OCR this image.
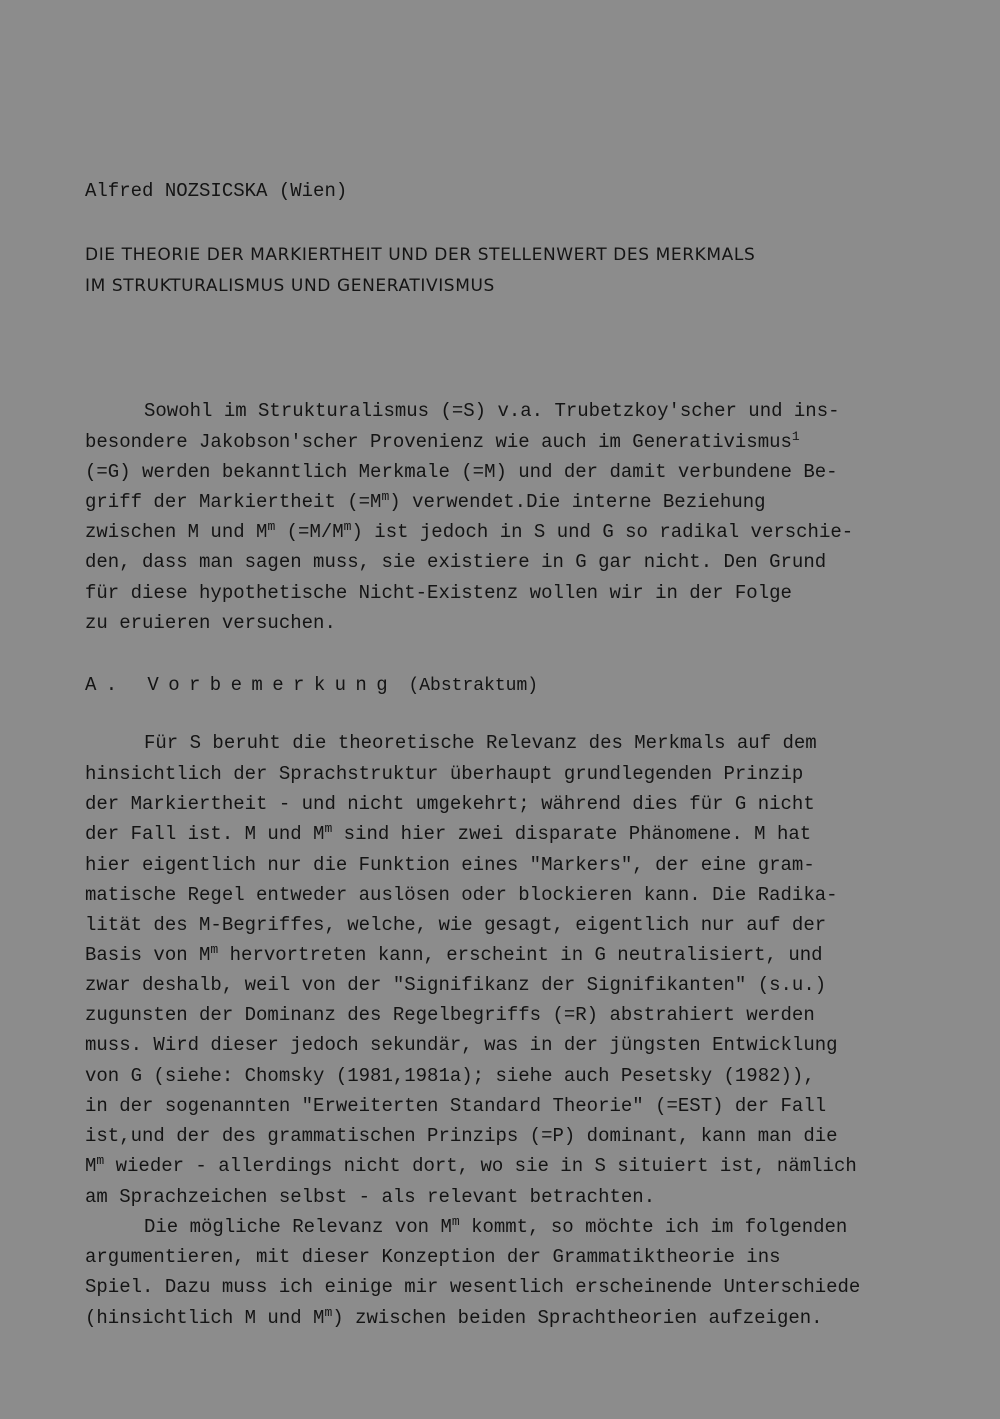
Alfred NOZSICSKA (Wien)
DIE THEORIE DER MARKIERTHEIT UND DER STELLENWERT DES MERKMALS
IM STRUKTURALISMUS UND GENERATIVISMUS
Sowohl im Strukturalismus (=S) v.a. Trubetzkoy'scher und ins-
besondere Jakobson'scher Provenienz wie auch im Generativismus$^1$
(=G) werden bekanntlich Merkmale (=M) und der damit verbundene Be-
griff der Markiertheit $(=M^m)$ verwendet.Die interne Beziehung
zwischen M und $M^m$ $(=M/M^m)$ ist jedoch in S und G so radikal verschie-
den, dass man sagen muss, sie existiere in G gar nicht. Den Grund
für diese hypothetische Nicht-Existenz wollen wir in der Folge
zu eruieren versuchen.
A. Vorbemerkung (Abstraktum)
Für S beruht die theoretische Relevanz des Merkmals auf dem
hinsichtlich der Sprachstruktur überhaupt grundlegenden Prinzip
der Markiertheit - und nicht umgekehrt; während dies für G nicht
der Fall ist. M und $M^m$ sind hier zwei disparate Phänomene. M hat
hier eigentlich nur die Funktion eines "Markers", der eine gram-
matische Regel entweder auslösen oder blockieren kann. Die Radika-
lität des M-Begriffes, welche, wie gesagt, eigentlich nur auf der
Basis von $M^m$ hervortreten kann, erscheint in G neutralisiert, und
zwar deshalb, weil von der "Signifikanz der Signifikanten" (s.u.)
zugunsten der Dominanz des Regelbegriffs (=R) abstrahiert werden
muss. Wird dieser jedoch sekundär, was in der jüngsten Entwicklung
von G (siehe: Chomsky (1981,1981a); siehe auch Pesetsky (1982)),
in der sogenannten "Erweiterten Standard Theorie" (=EST) der Fall
ist,und der des grammatischen Prinzips (=P) dominant, kann man die
$M^m$ wieder - allerdings nicht dort, wo sie in S situiert ist, nämlich
am Sprachzeichen selbst - als relevant betrachten.
Die mögliche Relevanz von $M^m$ kommt, so möchte ich im folgenden
argumentieren, mit dieser Konzeption der Grammatiktheorie ins
Spiel. Dazu muss ich einige mir wesentlich erscheinende Unterschiede
(hinsichtlich M und $M^m$) zwischen beiden Sprachtheorien aufzeigen.
